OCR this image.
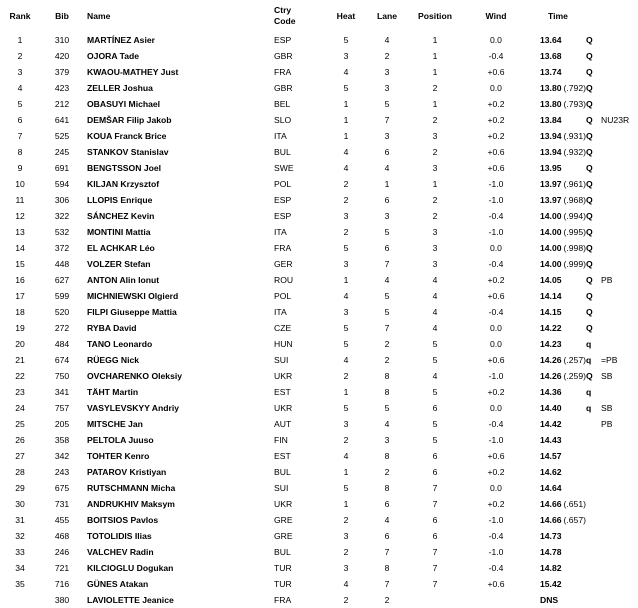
Rank	Bib	Name	Ctry
Code	Heat	Lane	Position	Wind	Time		
1	310	MARTÍNEZ Asier	ESP	5	4	1	0.0	13.64	Q	
2	420	OJORA Tade	GBR	3	2	1	-0.4	13.68	Q	
3	379	KWAOU-MATHEY Just	FRA	4	3	1	+0.6	13.74	Q	
4	423	ZELLER Joshua	GBR	5	3	2	0.0	13.80 (.792)	Q	
5	212	OBASUYI Michael	BEL	1	5	1	+0.2	13.80 (.793)	Q	
6	641	DEMŠAR Filip Jakob	SLO	1	7	2	+0.2	13.84	Q	NU23R
7	525	KOUA Franck Brice	ITA	1	3	3	+0.2	13.94 (.931)	Q	
8	245	STANKOV Stanislav	BUL	4	6	2	+0.6	13.94 (.932)	Q	
9	691	BENGTSSON Joel	SWE	4	4	3	+0.6	13.95	Q	
10	594	KILJAN Krzysztof	POL	2	1	1	-1.0	13.97 (.961)	Q	
11	306	LLOPIS Enrique	ESP	2	6	2	-1.0	13.97 (.968)	Q	
12	322	SÁNCHEZ Kevin	ESP	3	3	2	-0.4	14.00 (.994)	Q	
13	532	MONTINI Mattia	ITA	2	5	3	-1.0	14.00 (.995)	Q	
14	372	EL ACHKAR Léo	FRA	5	6	3	0.0	14.00 (.998)	Q	
15	448	VOLZER Stefan	GER	3	7	3	-0.4	14.00 (.999)	Q	
16	627	ANTON Alin Ionut	ROU	1	4	4	+0.2	14.05	Q	PB
17	599	MICHNIEWSKI Olgierd	POL	4	5	4	+0.6	14.14	Q	
18	520	FILPI Giuseppe Mattia	ITA	3	5	4	-0.4	14.15	Q	
19	272	RYBA David	CZE	5	7	4	0.0	14.22	Q	
20	484	TANO Leonardo	HUN	5	2	5	0.0	14.23	q	
21	674	RÜEGG Nick	SUI	4	2	5	+0.6	14.26 (.257)	q	=PB
22	750	OVCHARENKO Oleksiy	UKR	2	8	4	-1.0	14.26 (.259)	Q	SB
23	341	TÄHT Martin	EST	1	8	5	+0.2	14.36	q	
24	757	VASYLEVSKYY Andriy	UKR	5	5	6	0.0	14.40	q	SB
25	205	MITSCHE Jan	AUT	3	4	5	-0.4	14.42		PB
26	358	PELTOLA Juuso	FIN	2	3	5	-1.0	14.43		
27	342	TOHTER Kenro	EST	4	8	6	+0.6	14.57		
28	243	PATAROV Kristiyan	BUL	1	2	6	+0.2	14.62		
29	675	RUTSCHMANN Micha	SUI	5	8	7	0.0	14.64		
30	731	ANDRUKHIV Maksym	UKR	1	6	7	+0.2	14.66 (.651)		
31	455	BOITSIOS Pavlos	GRE	2	4	6	-1.0	14.66 (.657)		
32	468	TOTOLIDIS Ilias	GRE	3	6	6	-0.4	14.73		
33	246	VALCHEV Radin	BUL	2	7	7	-1.0	14.78		
34	721	KILCIOGLU Dogukan	TUR	3	8	7	-0.4	14.82		
35	716	GÜNES Atakan	TUR	4	7	7	+0.6	15.42		
	380	LAVIOLETTE Jeanice	FRA	2	2			DNS		
